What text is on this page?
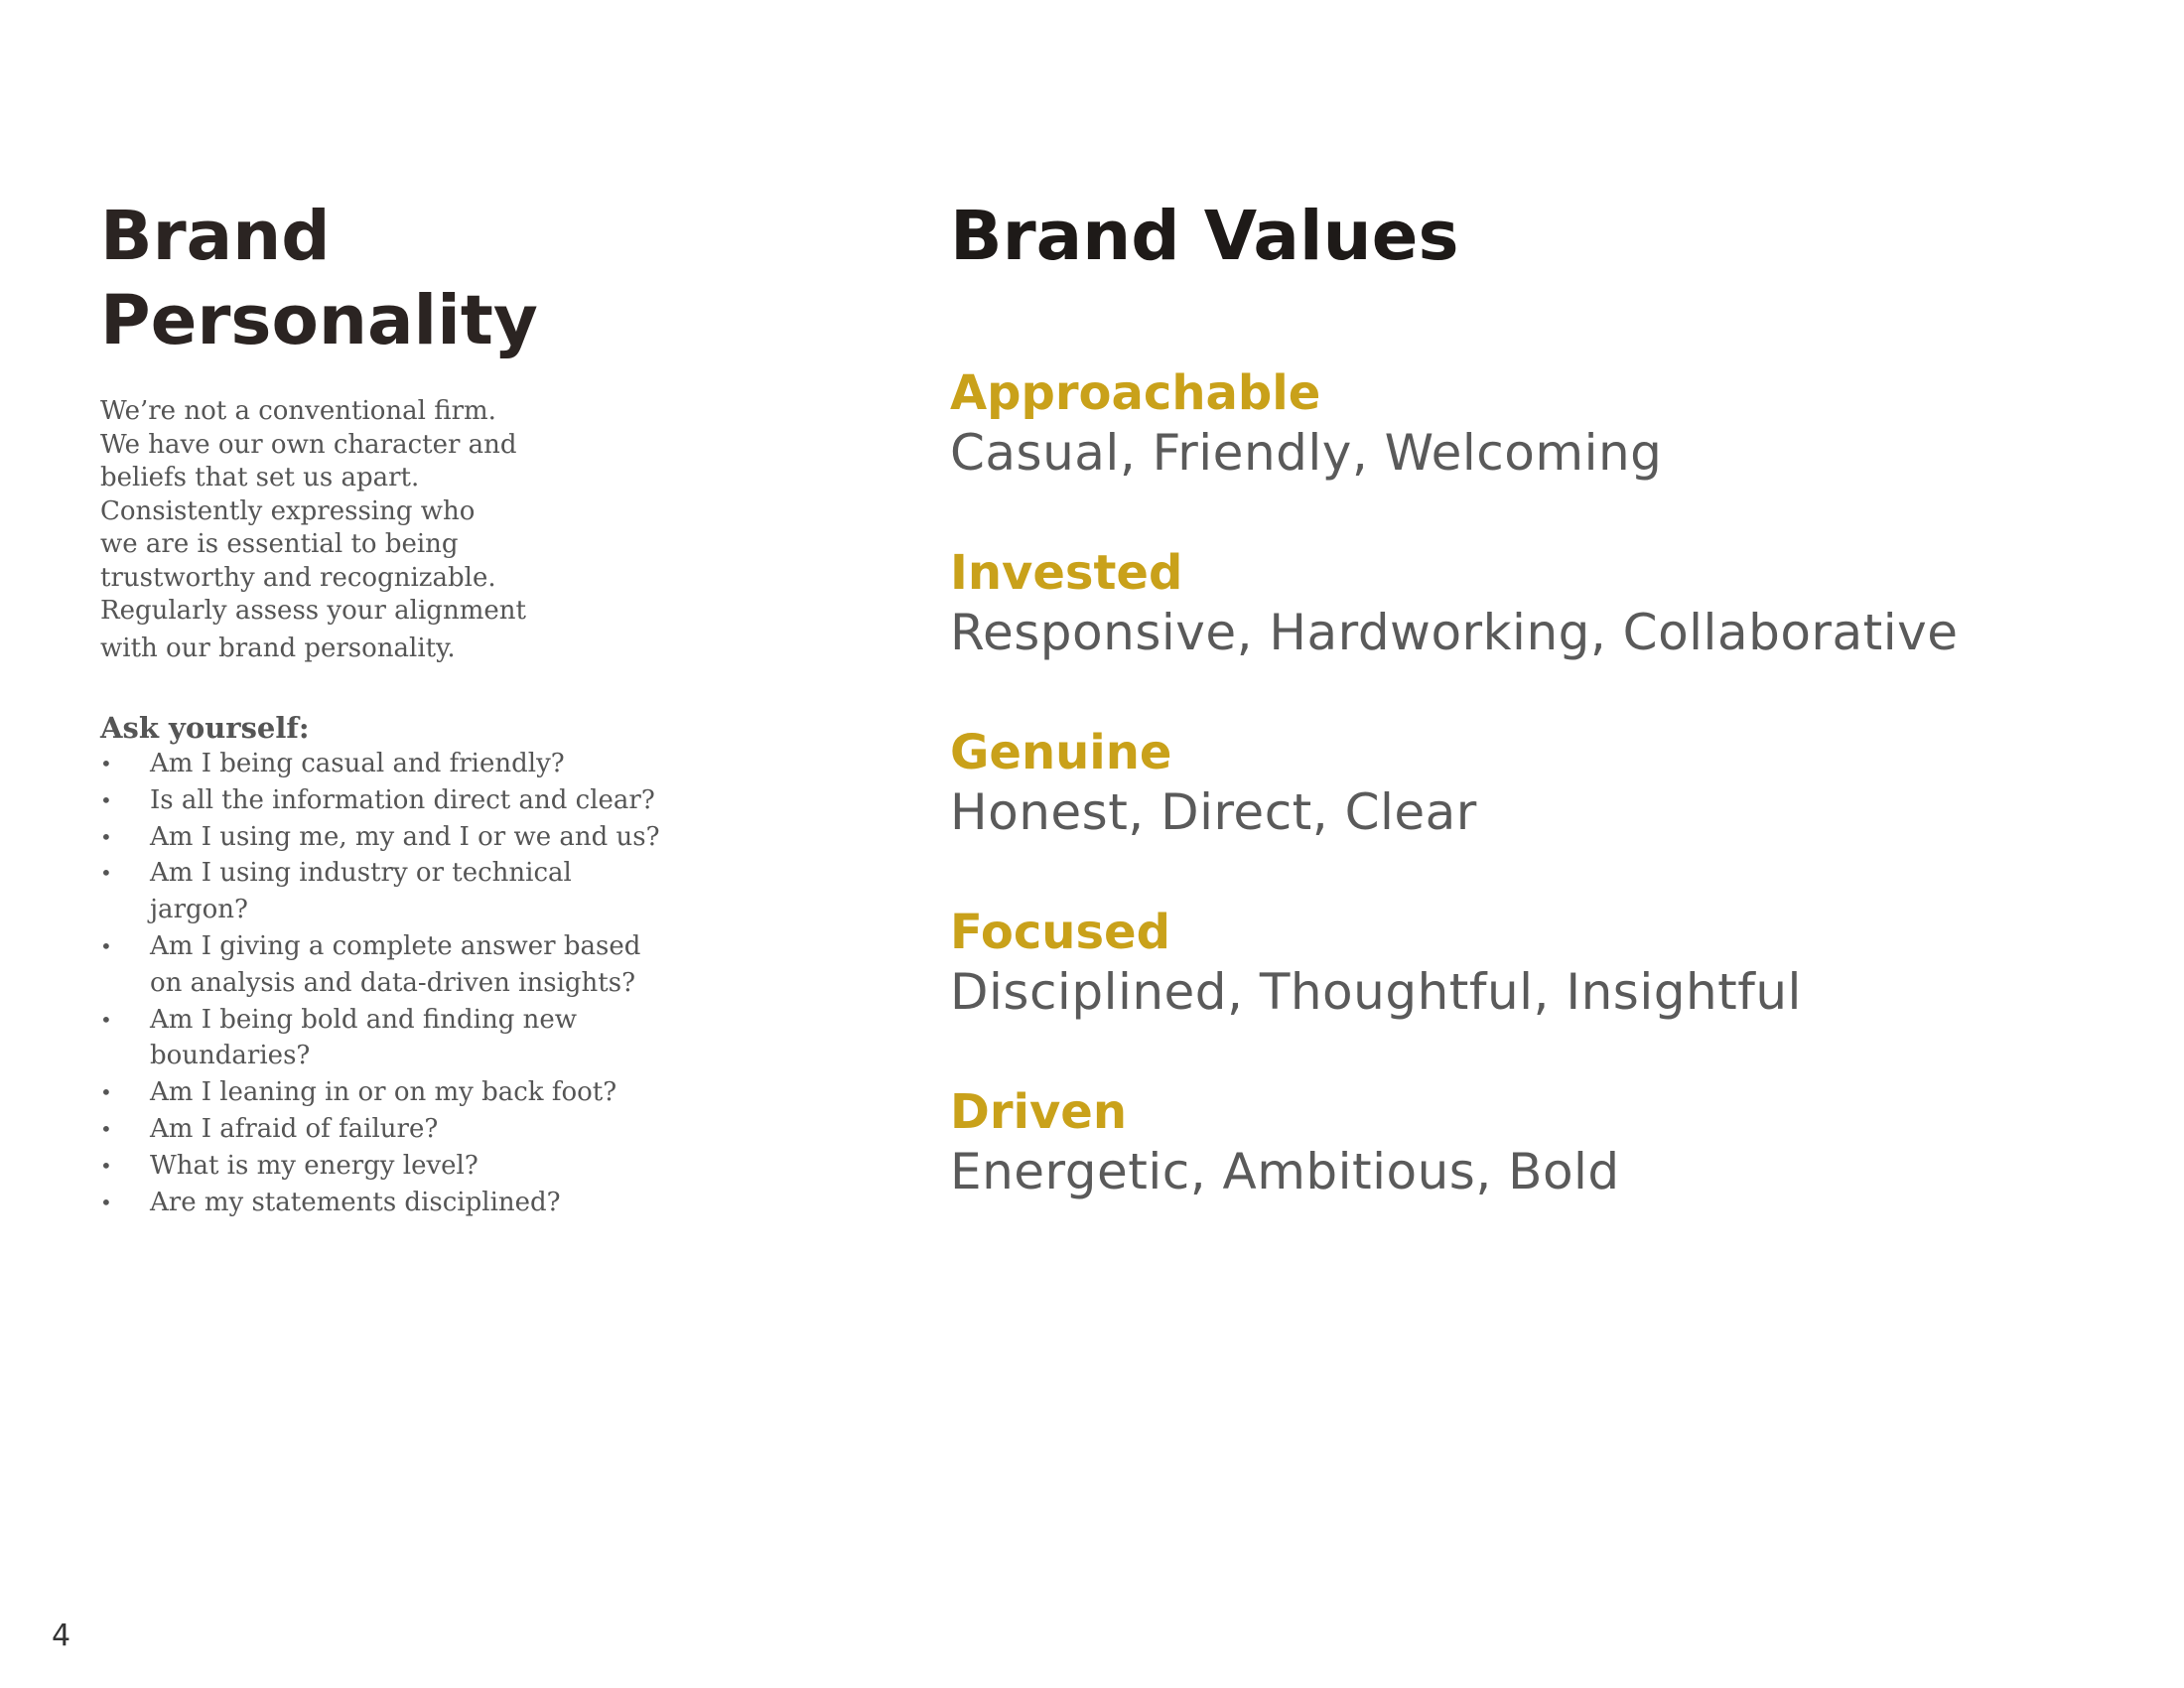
Brand
Personality

We’re not a conventional firm.
We have our own character and
beliefs that set us apart.
Consistently expressing who
we are is essential to being
trustworthy and recognizable.
Regularly assess your alignment
with our brand personality.

Ask yourself:

•	Am I being casual and friendly?
•	Is all the information direct and clear?
•	Am I using me, my and I or we and us?
•	Am I using industry or technical
jargon?
•	Am I giving a complete answer based
on analysis and data-driven insights?
•	Am I being bold and finding new
boundaries?
•	Am I leaning in or on my back foot?
•	Am I afraid of failure?
•	What is my energy level?
•	Are my statements disciplined?
Brand Values

Approachable

Casual, Friendly, Welcoming

Invested

Responsive, Hardworking, Collaborative

Genuine

Honest, Direct, Clear

Focused

Disciplined, Thoughtful, Insightful

Driven

Energetic, Ambitious, Bold

4
